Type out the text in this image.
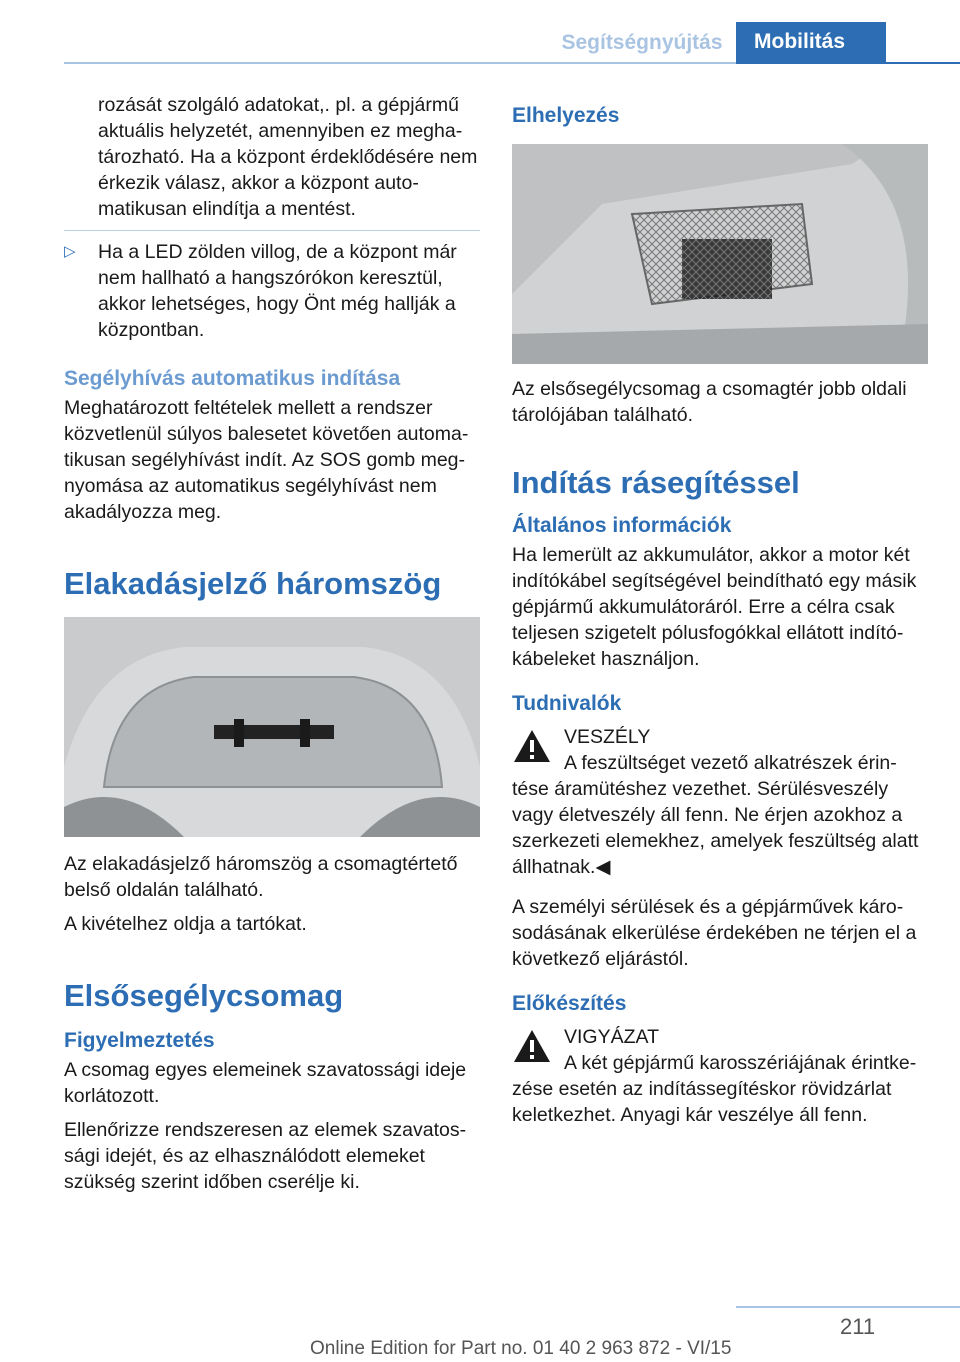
Segítségnyújtás	Mobilitás

rozását szolgáló adatokat,. pl. a gépjármű aktuális helyzetét, amennyiben ez megha-tározható. Ha a központ érdeklődésére nem érkezik válasz, akkor a központ auto-matikusan elindítja a mentést.

▷ Ha a LED zölden villog, de a központ már nem hallható a hangszórókon keresztül, akkor lehetséges, hogy Önt még hallják a központban.
Segélyhívás automatikus indítása

Meghatározott feltételek mellett a rendszer közvetlenül súlyos balesetet követően automa-tikusan segélyhívást indít. Az SOS gomb meg-nyomása az automatikus segélyhívást nem akadályozza meg.

Elakadásjelző háromszög

Az elakadásjelző háromszög a csomagtértető belső oldalán található.

A kivételhez oldja a tartókat.

Elsősegélycsomag
Figyelmeztetés

A csomag egyes elemeinek szavatossági ideje korlátozott.

Ellenőrizze rendszeresen az elemek szavatos-sági idejét, és az elhasználódott elemeket szükség szerint időben cserélje ki.

Elhelyezés

Az elsősegélycsomag a csomagtér jobb oldali tárolójában található.

Indítás rásegítéssel
Általános információk

Ha lemerült az akkumulátor, akkor a motor két indítókábel segítségével beindítható egy másik gépjármű akkumulátoráról. Erre a célra csak teljesen szigetelt pólusfogókkal ellátott indító-kábeleket használjon.

Tudnivalók
VESZÉLY

A feszültséget vezető alkatrészek érin-tése áramütéshez vezethet. Sérülésveszély vagy életveszély áll fenn. Ne érjen azokhoz a szerkezeti elemekhez, amelyek feszültség alatt állhatnak.◀

A személyi sérülések és a gépjárművek káro-sodásának elkerülése érdekében ne térjen el a következő eljárástól.

Előkészítés
VIGYÁZAT

A két gépjármű karosszériájának érintke-zése esetén az indítássegítéskor rövidzárlat keletkezhet. Anyagi kár veszélye áll fenn.

211
Online Edition for Part no. 01 40 2 963 872 - VI/15
